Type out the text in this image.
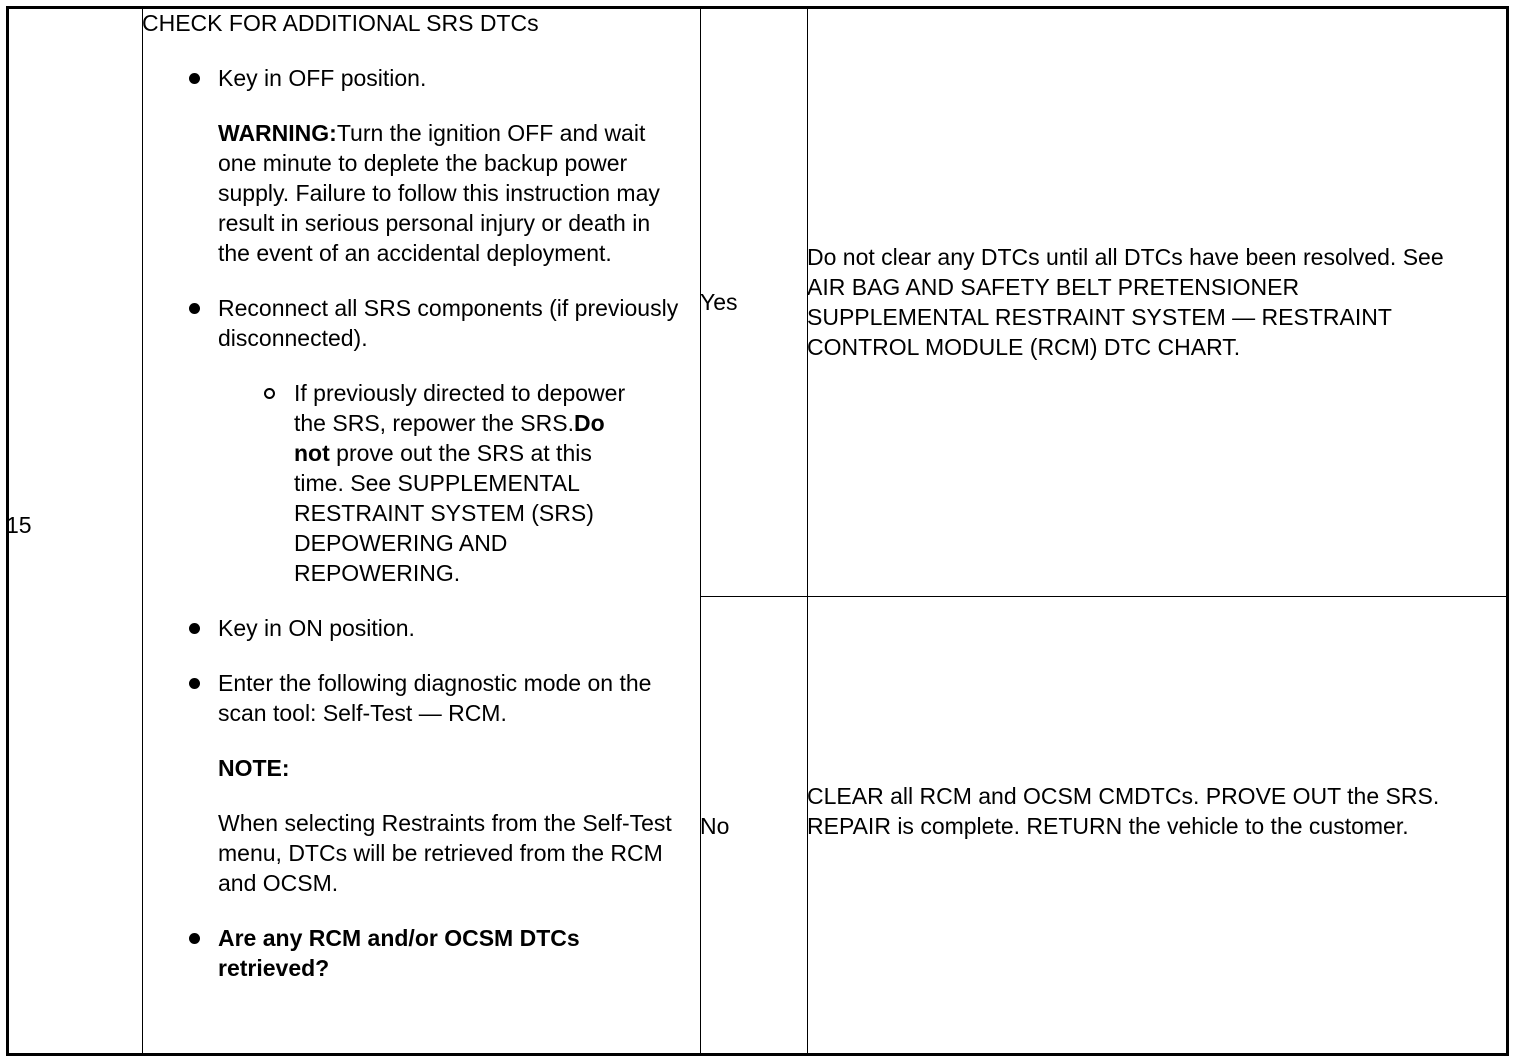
15
CHECK FOR ADDITIONAL SRS DTCs
Key in OFF position.
WARNING:Turn the ignition OFF and wait one minute to deplete the backup power supply. Failure to follow this instruction may result in serious personal injury or death in the event of an accidental deployment.
Reconnect all SRS components (if previously disconnected).
If previously directed to depower the SRS, repower the SRS.Do not prove out the SRS at this time. See SUPPLEMENTAL RESTRAINT SYSTEM (SRS) DEPOWERING AND REPOWERING.
Key in ON position.
Enter the following diagnostic mode on the scan tool: Self-Test — RCM.
NOTE:
When selecting Restraints from the Self-Test menu, DTCs will be retrieved from the RCM and OCSM.
Are any RCM and/or OCSM DTCs retrieved?
Yes
Do not clear any DTCs until all DTCs have been resolved. See AIR BAG AND SAFETY BELT PRETENSIONER SUPPLEMENTAL RESTRAINT SYSTEM — RESTRAINT CONTROL MODULE (RCM) DTC CHART.
No
CLEAR all RCM and OCSM CMDTCs. PROVE OUT the SRS. REPAIR is complete. RETURN the vehicle to the customer.
